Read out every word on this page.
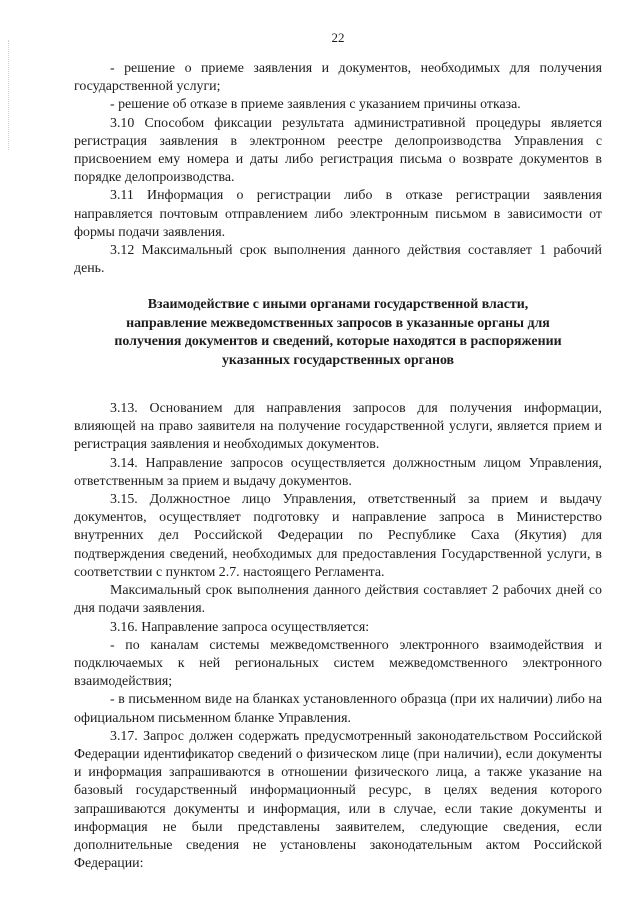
22

- решение о приеме заявления и документов, необходимых для получения государственной услуги;

- решение об отказе в приеме заявления с указанием причины отказа.

3.10 Способом фиксации результата административной процедуры является регистрация заявления в электронном реестре делопроизводства Управления с присвоением ему номера и даты либо регистрация письма о возврате документов в порядке делопроизводства.

3.11 Информация о регистрации либо в отказе регистрации заявления направляется почтовым отправлением либо электронным письмом в зависимости от формы подачи заявления.

3.12 Максимальный срок выполнения данного действия составляет 1 рабочий день.

Взаимодействие с иными органами государственной власти,
направление межведомственных запросов в указанные органы для
получения документов и сведений, которые находятся в распоряжении
указанных государственных органов

3.13. Основанием для направления запросов для получения информации, влияющей на право заявителя на получение государственной услуги, является прием и регистрация заявления и необходимых документов.

3.14. Направление запросов осуществляется должностным лицом Управления, ответственным за прием и выдачу документов.

3.15. Должностное лицо Управления, ответственный за прием и выдачу документов, осуществляет подготовку и направление запроса в Министерство внутренних дел Российской Федерации по Республике Саха (Якутия) для подтверждения сведений, необходимых для предоставления Государственной услуги, в соответствии с пунктом 2.7. настоящего Регламента.

Максимальный срок выполнения данного действия составляет 2 рабочих дней со дня подачи заявления.

3.16. Направление запроса осуществляется:

- по каналам системы межведомственного электронного взаимодействия и подключаемых к ней региональных систем межведомственного электронного взаимодействия;

- в письменном виде на бланках установленного образца (при их наличии) либо на официальном письменном бланке Управления.

3.17. Запрос должен содержать предусмотренный законодательством Российской Федерации идентификатор сведений о физическом лице (при наличии), если документы и информация запрашиваются в отношении физического лица, а также указание на базовый государственный информационный ресурс, в целях ведения которого запрашиваются документы и информация, или в случае, если такие документы и информация не были представлены заявителем, следующие сведения, если дополнительные сведения не установлены законодательным актом Российской Федерации:
